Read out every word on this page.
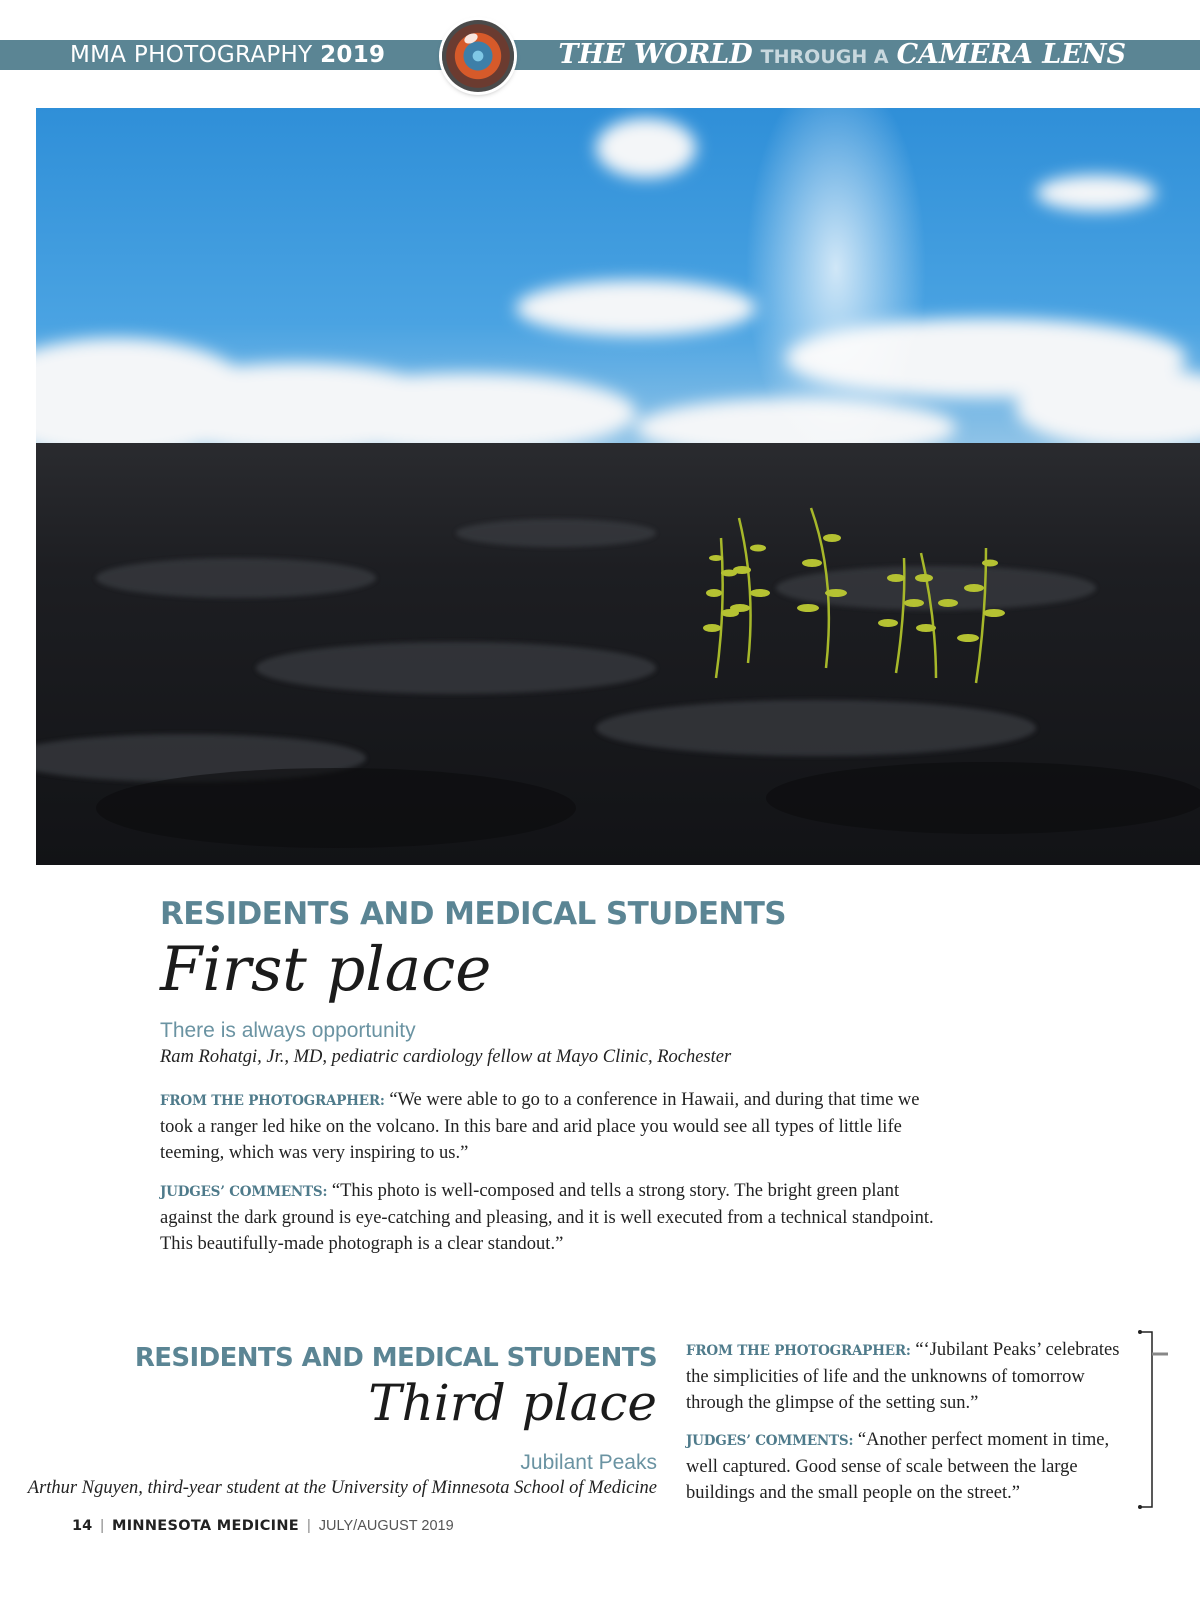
MMA PHOTOGRAPHY 2019	THE WORLD THROUGH A CAMERA LENS
RESIDENTS AND MEDICAL STUDENTS
First place
There is always opportunity
Ram Rohatgi, Jr., MD, pediatric cardiology fellow at Mayo Clinic, Rochester
FROM THE PHOTOGRAPHER: “We were able to go to a conference in Hawaii, and during that time we took a ranger led hike on the volcano. In this bare and arid place you would see all types of little life teeming, which was very inspiring to us.”
JUDGES’ COMMENTS: “This photo is well-composed and tells a strong story. The bright green plant against the dark ground is eye-catching and pleasing, and it is well executed from a technical standpoint. This beautifully-made photograph is a clear standout.”
RESIDENTS AND MEDICAL STUDENTS
Third place
Jubilant Peaks
Arthur Nguyen, third-year student at the University of Minnesota School of Medicine
FROM THE PHOTOGRAPHER: “‘Jubilant Peaks’ celebrates the simplicities of life and the unknowns of tomorrow through the glimpse of the setting sun.”
JUDGES’ COMMENTS: “Another perfect moment in time, well captured. Good sense of scale between the large buildings and the small people on the street.”
14 | MINNESOTA MEDICINE | JULY/AUGUST 2019
